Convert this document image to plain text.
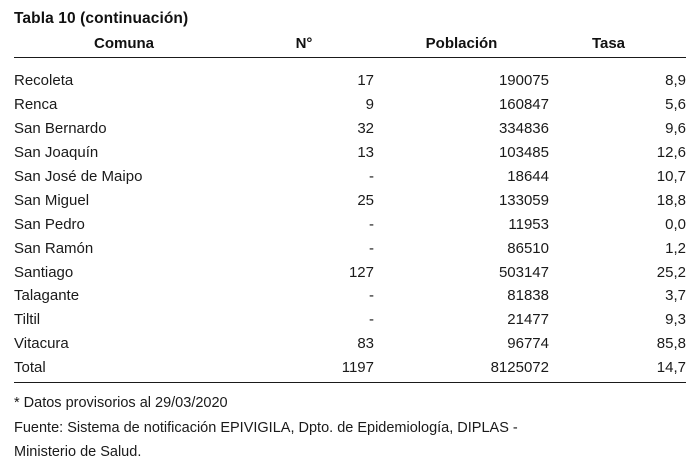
Tabla 10 (continuación)
Comuna	N°	Población	Tasa

Recoleta	17	190075	8,9
Renca	9	160847	5,6
San Bernardo	32	334836	9,6
San Joaquín	13	103485	12,6
San José de Maipo	-	18644	10,7
San Miguel	25	133059	18,8
San Pedro	-	11953	0,0
San Ramón	-	86510	1,2
Santiago	127	503147	25,2
Talagante	-	81838	3,7
Tiltil	-	21477	9,3
Vitacura	83	96774	85,8
Total	1197	8125072	14,7
* Datos provisorios al 29/03/2020
Fuente: Sistema de notificación EPIVIGILA, Dpto. de Epidemiología, DIPLAS -
Ministerio de Salud.
